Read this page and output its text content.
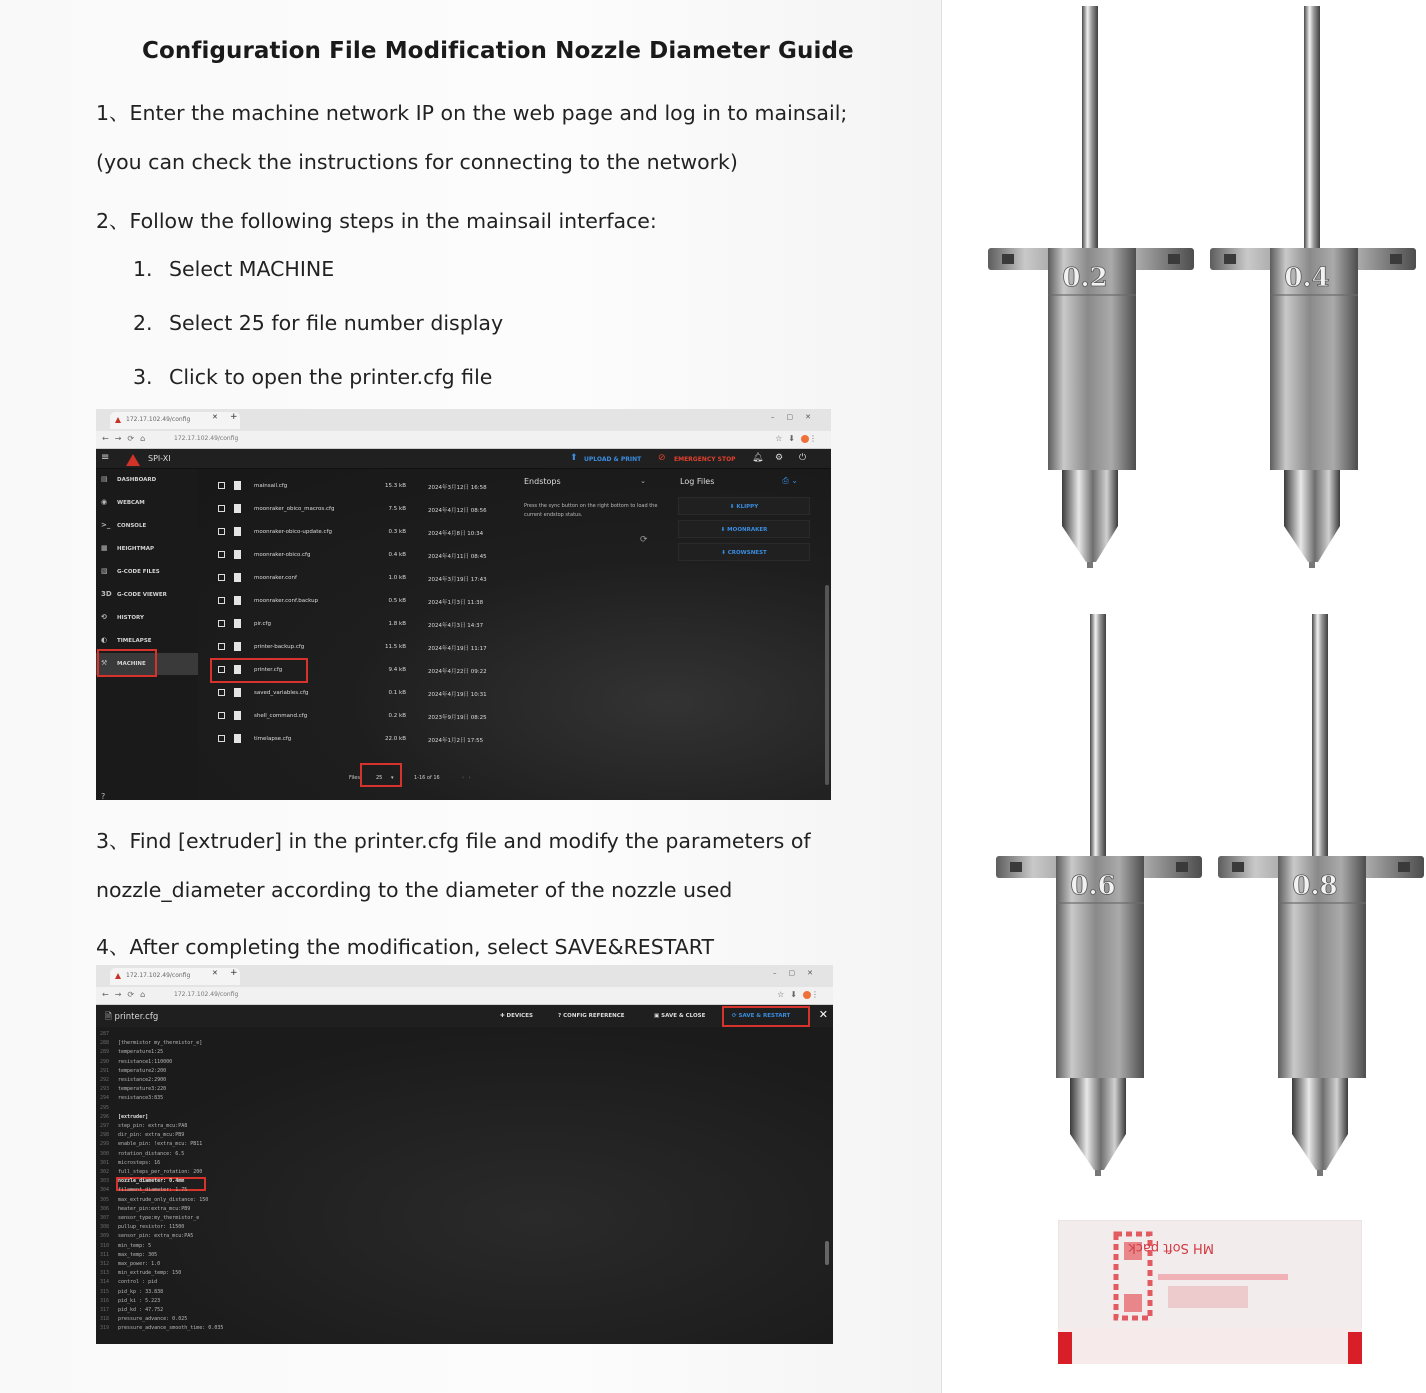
Configuration File Modification Nozzle Diameter Guide
1、Enter the machine network IP on the web page and log in to mainsail;
(you can check the instructions for connecting to the network)
2、Follow the following steps in the mainsail interface:
1. Select MACHINE
2. Select 25 for file number display
3. Click to open the printer.cfg file
172.17.102.49/config	✕ +	–▢✕
←→⟳⌂	172.17.102.49/config	☆⬇ ⋮
≡	SPI-XI	⬆ UPLOAD & PRINT ⊘ EMERGENCY STOP 🔔︎ ⚙ ⏻
▤ DASHBOARD
◉ WEBCAM
>_ CONSOLE
▦ HEIGHTMAP
▧ G-CODE FILES
3D G-CODE VIEWER
⟲ HISTORY
◐ TIMELAPSE
⚒ MACHINE
?
mainsail.cfg	15.3 kB	2024年3月12日 16:58
moonraker_obico_macros.cfg	7.5 kB	2024年4月12日 08:56
moonraker-obico-update.cfg	0.3 kB	2024年4月8日 10:34
moonraker-obico.cfg	0.4 kB	2024年4月11日 08:45
moonraker.conf	1.0 kB	2024年3月19日 17:43
moonraker.conf.backup	0.5 kB	2024年1月3日 11:38
pir.cfg	1.8 kB	2024年4月3日 14:37
printer-backup.cfg	11.5 kB	2024年4月19日 11:17
printer.cfg	9.4 kB	2024年4月22日 09:22
saved_variables.cfg	0.1 kB	2024年4月19日 10:31
shell_command.cfg	0.2 kB	2023年9月19日 08:25
timelapse.cfg	22.0 kB	2024年1月2日 17:55
Files	25 ▾	1-16 of 16	‹   ›
Endstops	⌄
Press the sync button on the right bottom to load the current endstop status.
⟳
Log Files	⎙ ⌄
⬇ KLIPPY
⬇ MOONRAKER
⬇ CROWSNEST
3、Find [extruder] in the printer.cfg file and modify the parameters of
nozzle_diameter according to the diameter of the nozzle used
4、After completing the modification, select SAVE&RESTART
172.17.102.49/config	✕ +	–▢✕
←→⟳⌂	172.17.102.49/config	☆⬇ ⋮
🗎︎ printer.cfg	✚ DEVICES	? CONFIG REFERENCE	▣ SAVE & CLOSE	⟳ SAVE & RESTART	✕
287
288	[thermistor my_thermistor_e]
289	temperature1:25
290	resistance1:110000
291	temperature2:200
292	resistance2:2900
293	temperature3:220
294	resistance3:835
295
296	[extruder]
297	step_pin: extra_mcu:PA8
298	dir_pin: extra_mcu:PB9
299	enable_pin: !extra_mcu: PB11
300	rotation_distance: 6.5
301	microsteps: 16
302	full_steps_per_rotation: 200
303	nozzle_diameter: 0.4mm
304	filament_diameter: 1.75
305	max_extrude_only_distance: 150
306	heater_pin:extra_mcu:PB9
307	sensor_type:my_thermistor_e
308	pullup_resistor: 11500
309	sensor_pin: extra_mcu:PA5
310	min_temp: 5
311	max_temp: 305
312	max_power: 1.0
313	min_extrude_temp: 150
314	control : pid
315	pid_kp : 33.838
316	pid_ki : 5.223
317	pid_kd : 47.752
318	pressure_advance: 0.025
319	pressure_advance_smooth_time: 0.035
0.2	0.4
0.6	0.8
MH Soft pack
